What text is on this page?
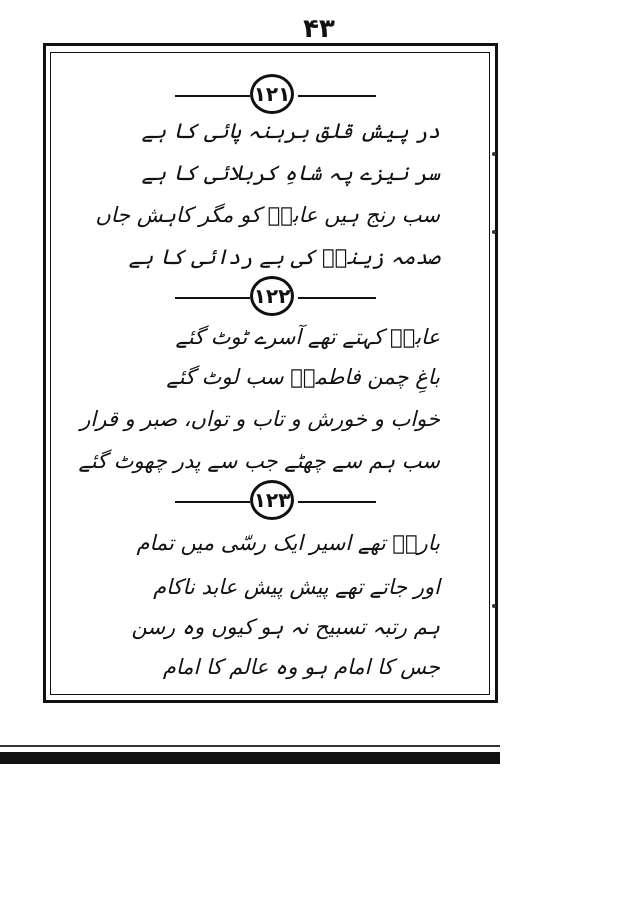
۴۳
۱۲۱
در پیش قلق برہنہ پائی کا ہے
سر نیزے پہ شاہِ کربلائی کا ہے
سب رنج ہیں عابدؑ کو مگر کاہش جاں
صدمہ زینبؑ کی بے ردائی کا ہے
۱۲۲
عابدؑ کہتے تھے آسرے ٹوٹ گئے
باغِ چمن فاطمہؑ سب لوٹ گئے
خواب و خورش و تاب و تواں، صبر و قرار
سب ہم سے چھٹے جب سے پدر چھوٹ گئے
۱۲۳
بارہؑ تھے اسیر ایک رسّی میں تمام
اور جاتے تھے پیش پیش عابد ناکام
ہم رتبہ تسبیح نہ ہو کیوں وہ رسن
جس کا امام ہو وہ عالم کا امام
